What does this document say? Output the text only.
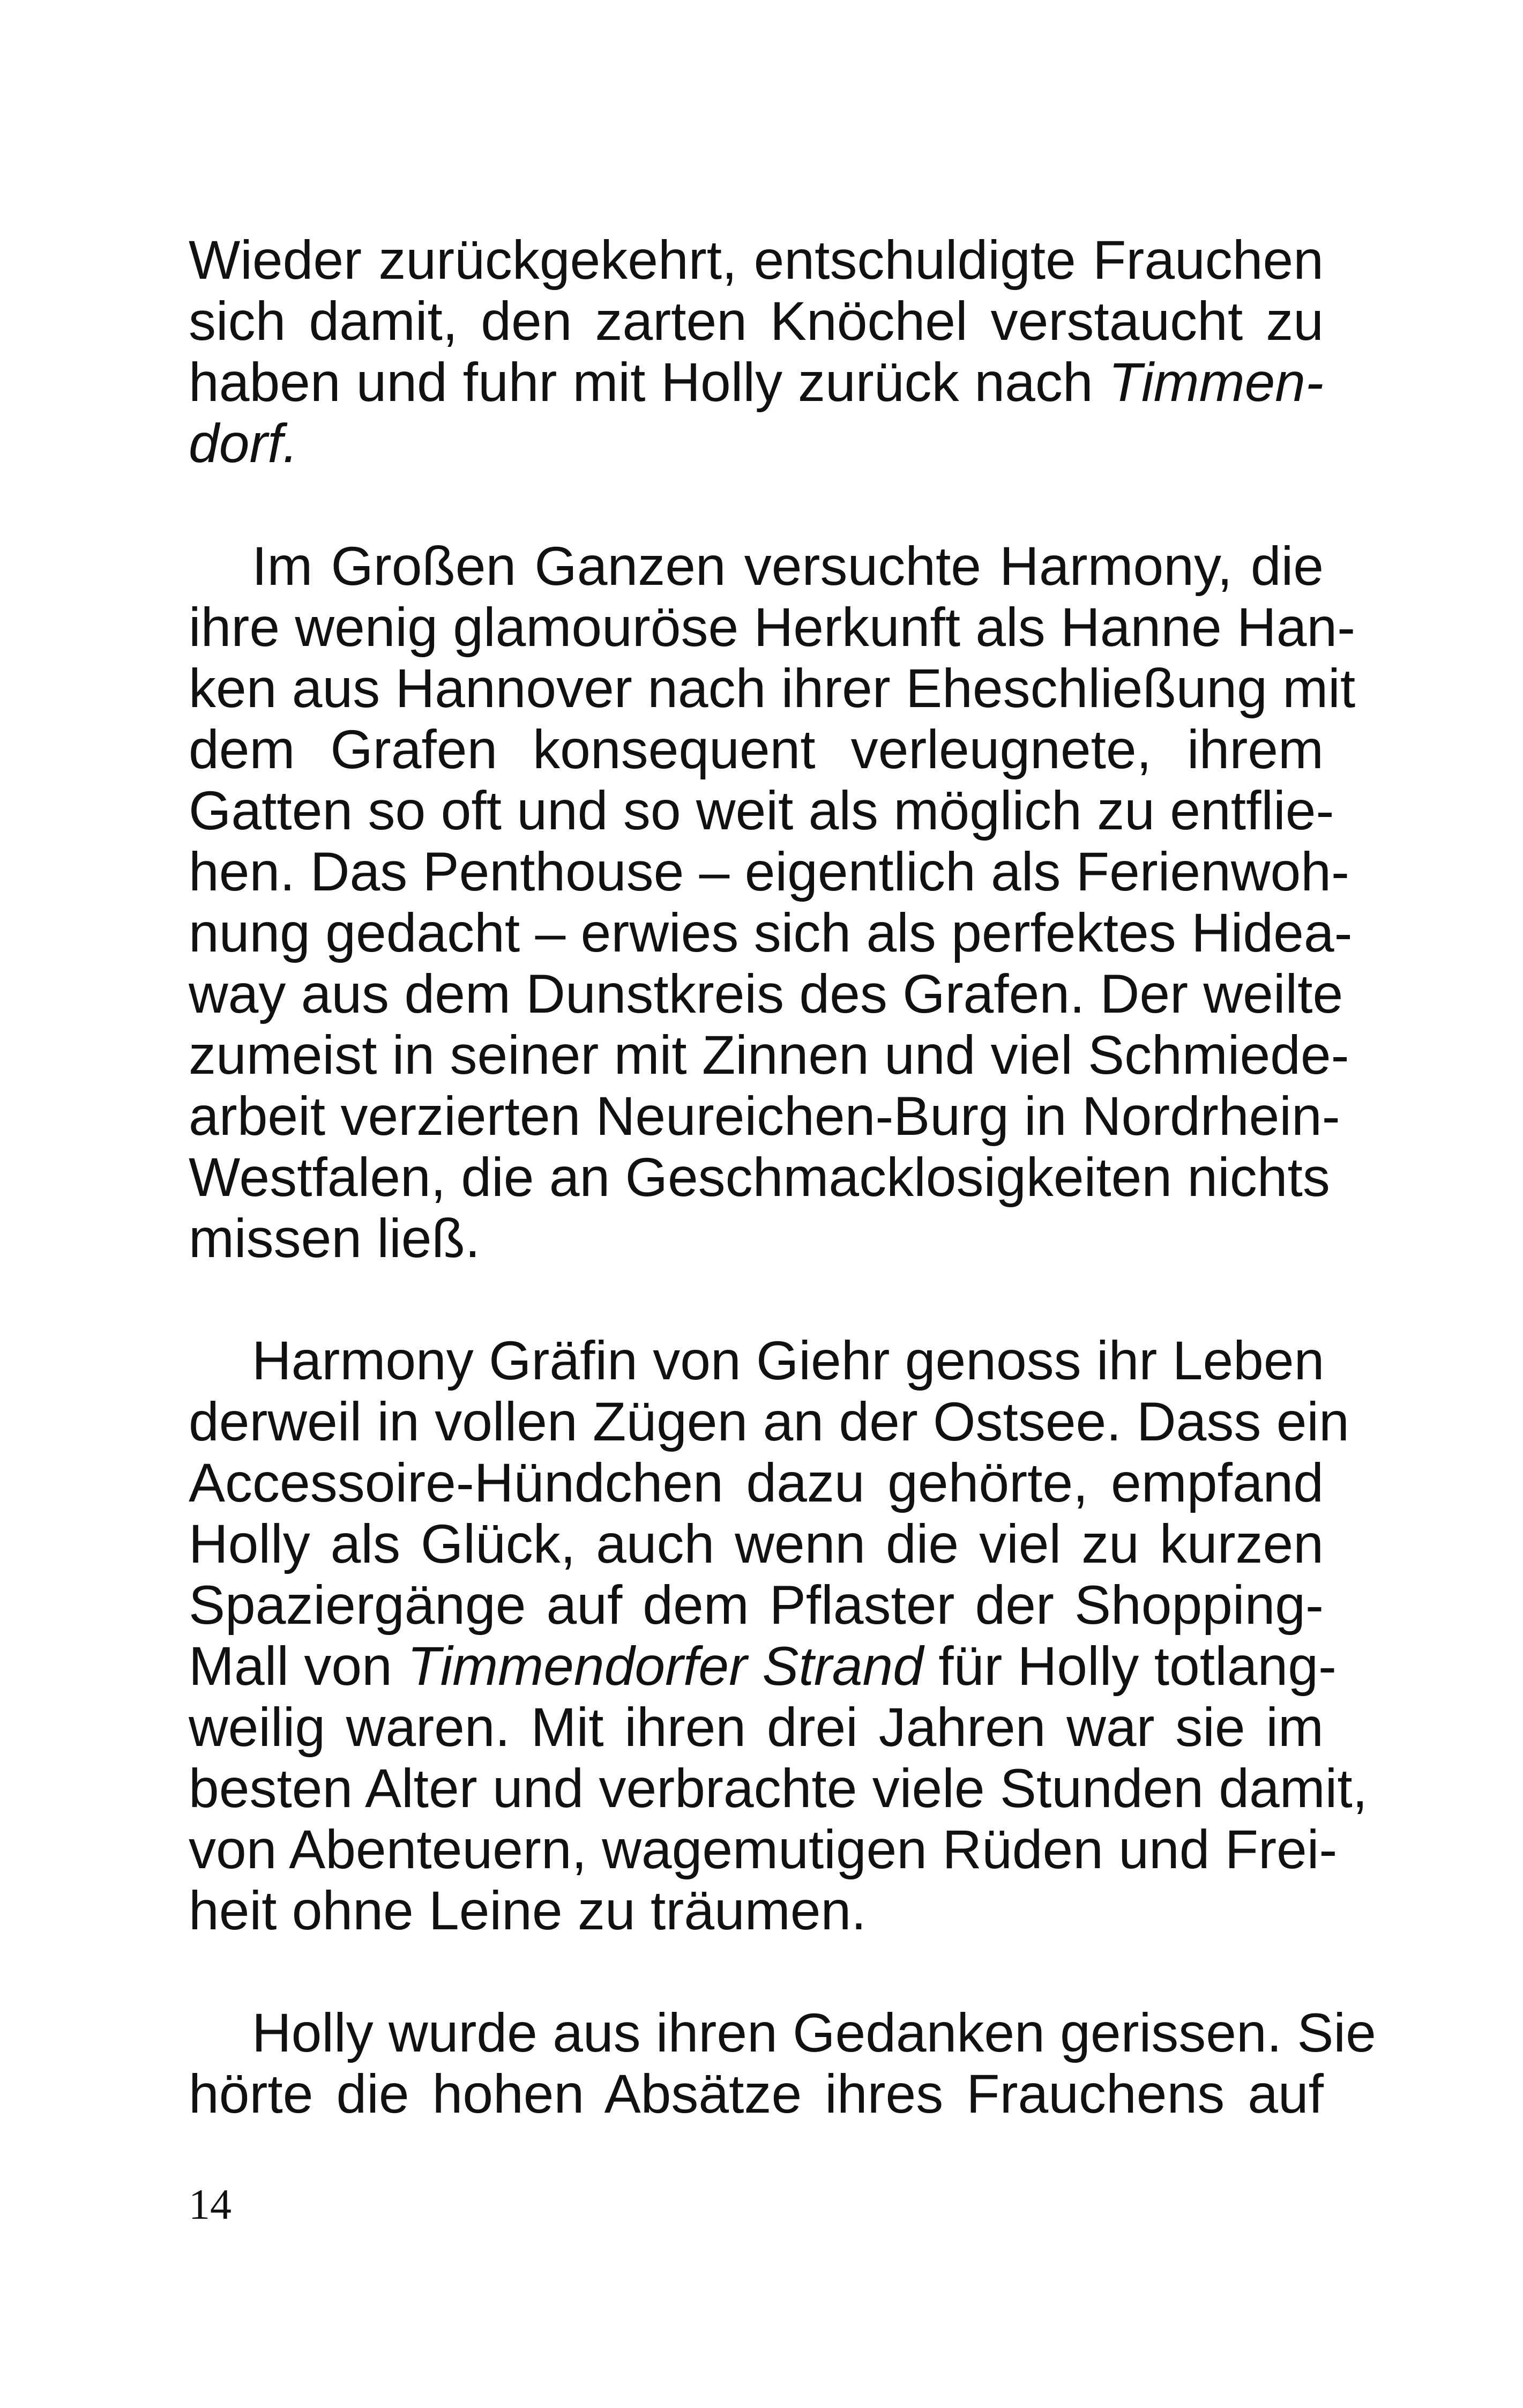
Wieder zurückgekehrt, entschuldigte Frauchen
sich damit, den zarten Knöchel verstaucht zu
haben und fuhr mit Holly zurück nach Timmen-
dorf.
Im Großen Ganzen versuchte Harmony, die
ihre wenig glamouröse Herkunft als Hanne Han-
ken aus Hannover nach ihrer Eheschließung mit
dem Grafen konsequent verleugnete, ihrem
Gatten so oft und so weit als möglich zu entflie-
hen. Das Penthouse – eigentlich als Ferienwoh-
nung gedacht – erwies sich als perfektes Hidea-
way aus dem Dunstkreis des Grafen. Der weilte
zumeist in seiner mit Zinnen und viel Schmiede-
arbeit verzierten Neureichen-Burg in Nordrhein-
Westfalen, die an Geschmacklosigkeiten nichts
missen ließ.
Harmony Gräfin von Giehr genoss ihr Leben
derweil in vollen Zügen an der Ostsee. Dass ein
Accessoire-Hündchen dazu gehörte, empfand
Holly als Glück, auch wenn die viel zu kurzen
Spaziergänge auf dem Pflaster der Shopping-
Mall von Timmendorfer Strand für Holly totlang-
weilig waren. Mit ihren drei Jahren war sie im
besten Alter und verbrachte viele Stunden damit,
von Abenteuern, wagemutigen Rüden und Frei-
heit ohne Leine zu träumen.
Holly wurde aus ihren Gedanken gerissen. Sie
hörte die hohen Absätze ihres Frauchens auf
14
